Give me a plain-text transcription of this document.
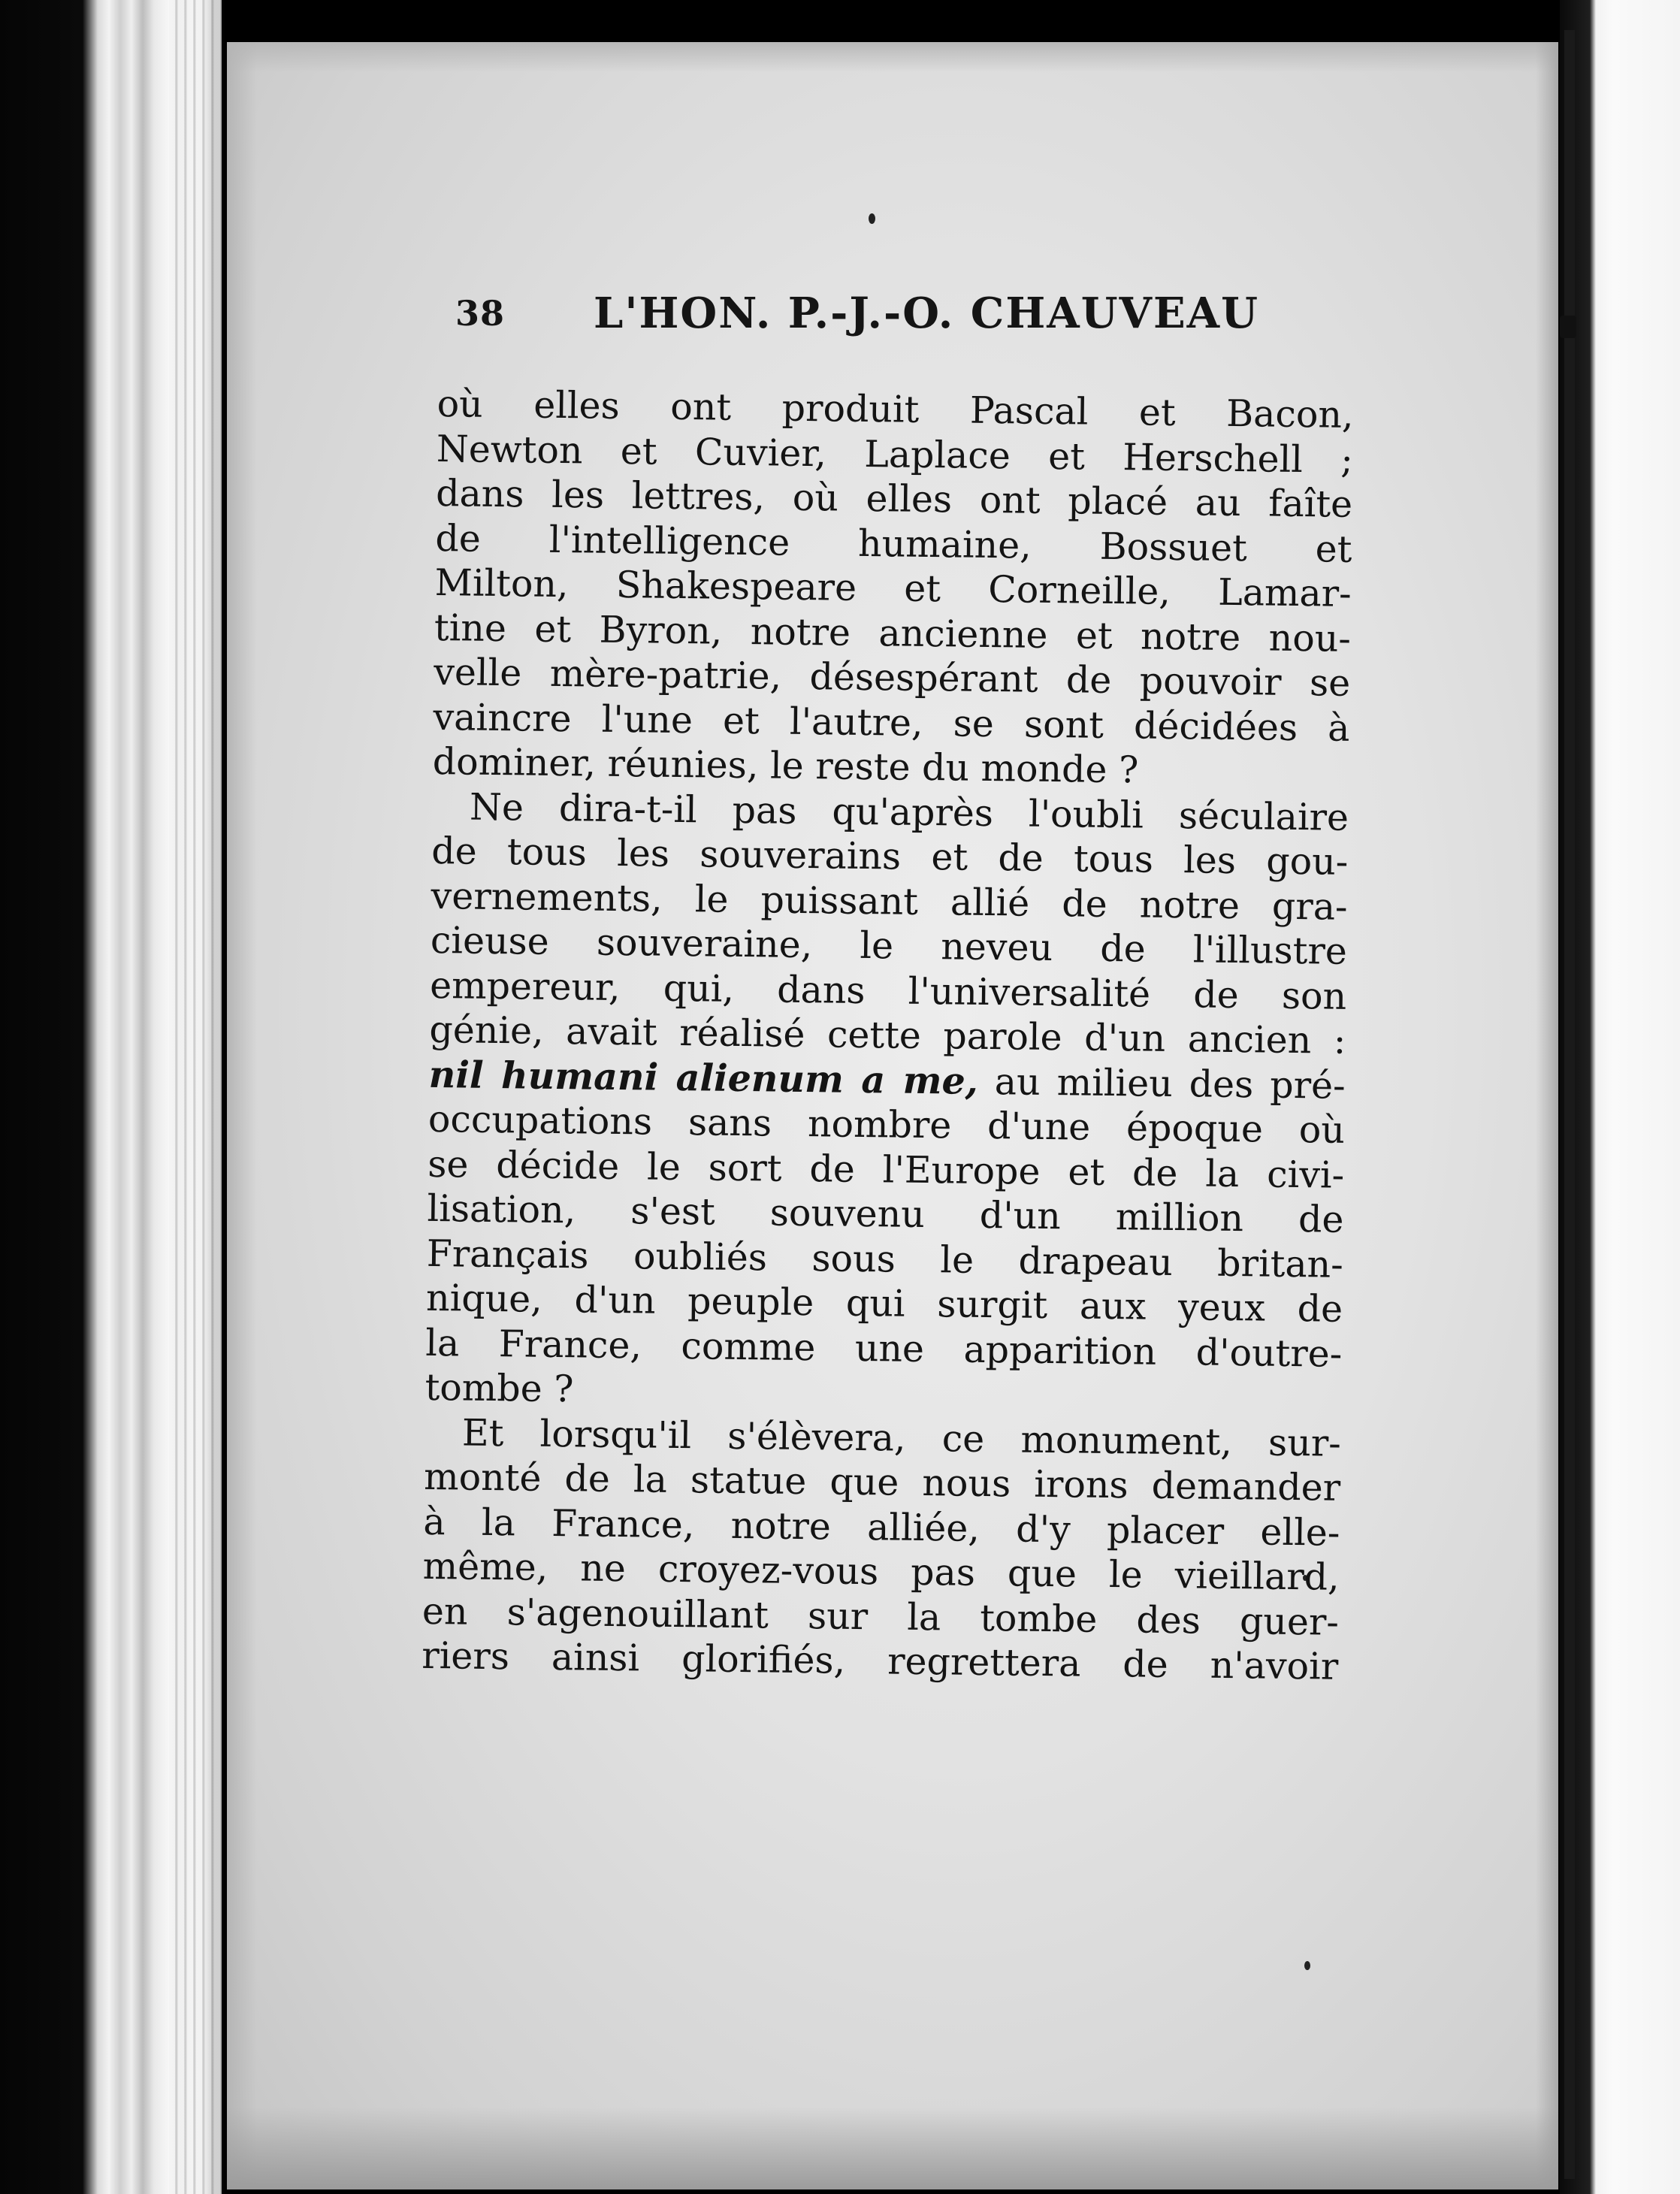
38 L'HON. P.-J.-O. CHAUVEAU
où elles ont produit Pascal et Bacon,
Newton et Cuvier, Laplace et Herschell ;
dans les lettres, où elles ont placé au faîte
de l'intelligence humaine, Bossuet et
Milton, Shakespeare et Corneille, Lamar-
tine et Byron, notre ancienne et notre nou-
velle mère-patrie, désespérant de pouvoir se
vaincre l'une et l'autre, se sont décidées à
dominer, réunies, le reste du monde ?
Ne dira-t-il pas qu'après l'oubli séculaire
de tous les souverains et de tous les gou-
vernements, le puissant allié de notre gra-
cieuse souveraine, le neveu de l'illustre
empereur, qui, dans l'universalité de son
génie, avait réalisé cette parole d'un ancien :
nil humani alienum a me, au milieu des pré-
occupations sans nombre d'une époque où
se décide le sort de l'Europe et de la civi-
lisation, s'est souvenu d'un million de
Français oubliés sous le drapeau britan-
nique, d'un peuple qui surgit aux yeux de
la France, comme une apparition d'outre-
tombe ?
Et lorsqu'il s'élèvera, ce monument, sur-
monté de la statue que nous irons demander
à la France, notre alliée, d'y placer elle-
même, ne croyez-vous pas que le vieillard,
en s'agenouillant sur la tombe des guer-
riers ainsi glorifiés, regrettera de n'avoir
